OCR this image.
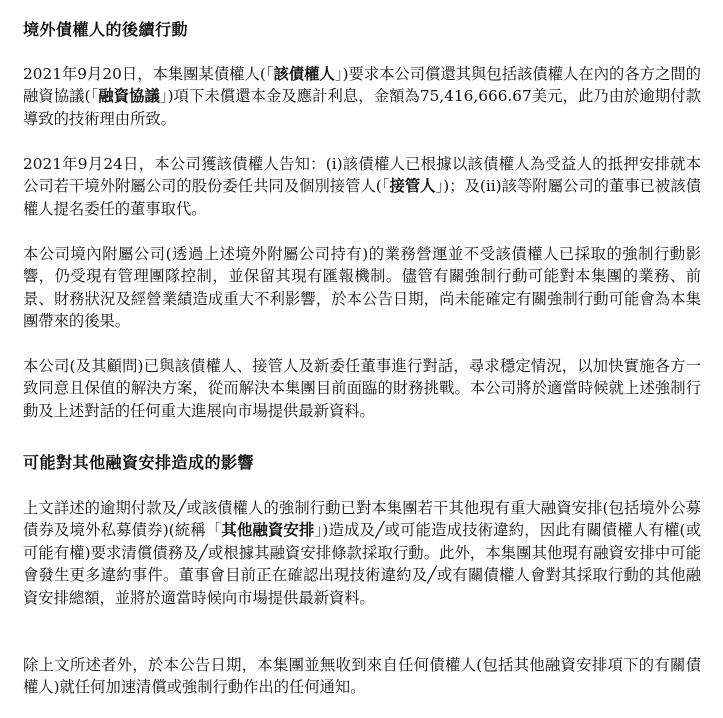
境外債權人的後續行動

2021年9月20日，本集團某債權人(「該債權人」)要求本公司償還其與包括該債權人在內的各方之間的融資協議(「融資協議」)項下未償還本金及應計利息，金額為75,416,666.67美元，此乃由於逾期付款導致的技術理由所致。

2021年9月24日，本公司獲該債權人告知：(i)該債權人已根據以該債權人為受益人的抵押安排就本公司若干境外附屬公司的股份委任共同及個別接管人(「接管人」)；及(ii)該等附屬公司的董事已被該債權人提名委任的董事取代。

本公司境內附屬公司(透過上述境外附屬公司持有)的業務營運並不受該債權人已採取的強制行動影響，仍受現有管理團隊控制，並保留其現有匯報機制。儘管有關強制行動可能對本集團的業務、前景、財務狀況及經營業績造成重大不利影響，於本公告日期，尚未能確定有關強制行動可能會為本集團帶來的後果。

本公司(及其顧問)已與該債權人、接管人及新委任董事進行對話，尋求穩定情況，以加快實施各方一致同意且保值的解決方案，從而解決本集團目前面臨的財務挑戰。本公司將於適當時候就上述強制行動及上述對話的任何重大進展向市場提供最新資料。

可能對其他融資安排造成的影響

上文詳述的逾期付款及╱或該債權人的強制行動已對本集團若干其他現有重大融資安排(包括境外公募債券及境外私募債券)(統稱「其他融資安排」)造成及╱或可能造成技術違約，因此有關債權人有權(或可能有權)要求清償債務及╱或根據其融資安排條款採取行動。此外，本集團其他現有融資安排中可能會發生更多違約事件。董事會目前正在確認出現技術違約及╱或有關債權人會對其採取行動的其他融資安排總額，並將於適當時候向市場提供最新資料。

除上文所述者外，於本公告日期，本集團並無收到來自任何債權人(包括其他融資安排項下的有關債權人)就任何加速清償或強制行動作出的任何通知。
